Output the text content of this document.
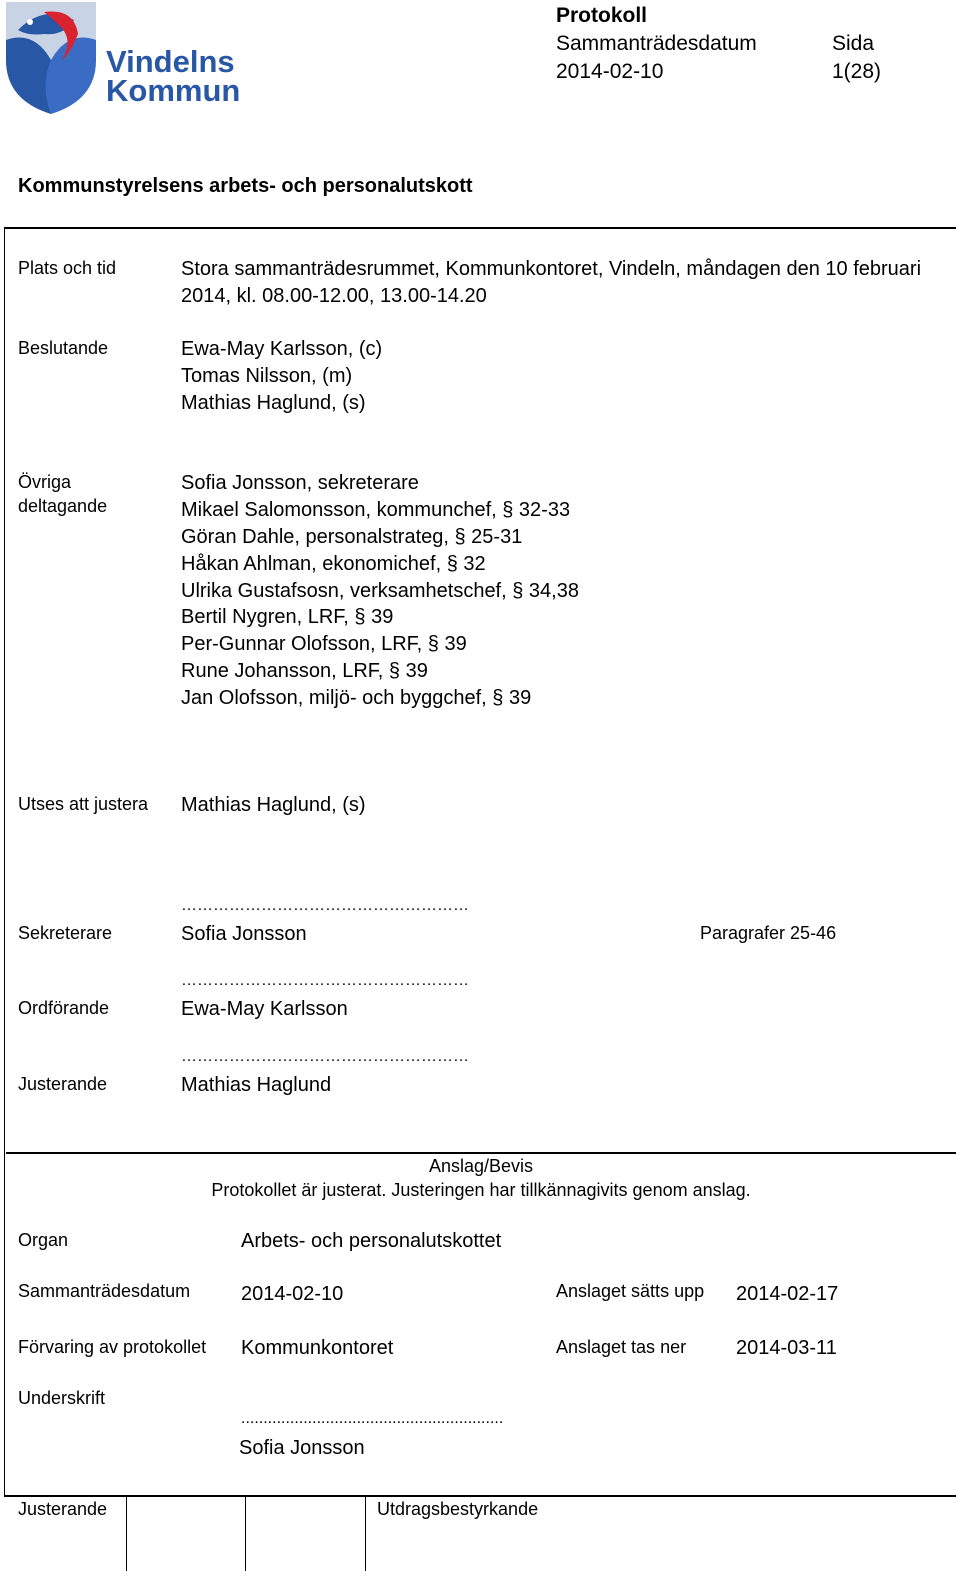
Vindelns
Kommun
Protokoll
Sammanträdesdatum
2014-02-10
Sida
1(28)
Kommunstyrelsens arbets- och personalutskott
Plats och tid	Stora sammanträdesrummet, Kommunkontoret, Vindeln, måndagen den 10 februari
2014, kl. 08.00-12.00, 13.00-14.20
Beslutande	Ewa-May Karlsson, (c)
Tomas Nilsson, (m)
Mathias Haglund, (s)
Övriga
deltagande
Sofia Jonsson, sekreterare
Mikael Salomonsson, kommunchef, § 32-33
Göran Dahle, personalstrateg, § 25-31
Håkan Ahlman, ekonomichef, § 32
Ulrika Gustafsosn, verksamhetschef, § 34,38
Bertil Nygren, LRF, § 39
Per-Gunnar Olofsson, LRF, § 39
Rune Johansson, LRF, § 39
Jan Olofsson, miljö- och byggchef, § 39
Utses att justera Mathias Haglund, (s)
………………………………………………
Sekreterare	Sofia Jonsson	Paragrafer 25-46
………………………………………………
Ordförande	Ewa-May Karlsson
………………………………………………
Justerande	Mathias Haglund
Anslag/Bevis
Protokollet är justerat. Justeringen har tillkännagivits genom anslag.
Organ	Arbets- och personalutskottet
Sammanträdesdatum	2014-02-10	Anslaget sätts upp 2014-02-17
Förvaring av protokollet Kommunkontoret	Anslaget tas ner 2014-03-11
Underskrift
...........................................................
Sofia Jonsson
Justerande	Utdragsbestyrkande
